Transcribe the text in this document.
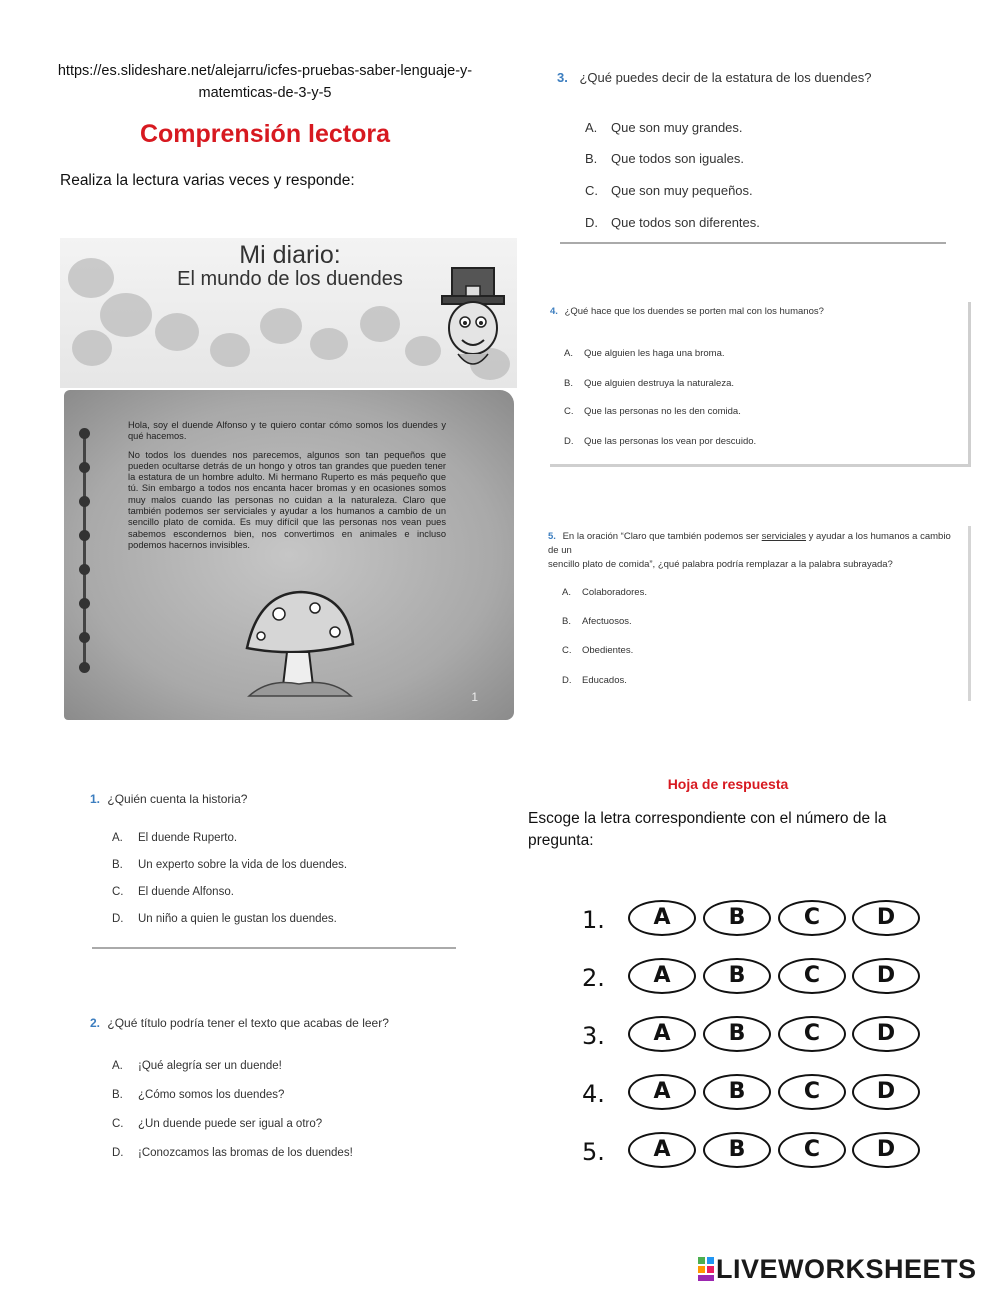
https://es.slideshare.net/alejarru/icfes-pruebas-saber-lenguaje-y-matemticas-de-3-y-5
Comprensión lectora
Realiza la lectura varias veces y responde:
Mi diario:
El mundo de los duendes

Hola, soy el duende Alfonso y te quiero contar cómo somos los duendes y qué hacemos.

No todos los duendes nos parecemos, algunos son tan pequeños que pueden ocultarse detrás de un hongo y otros tan grandes que pueden tener la estatura de un hombre adulto. Mi hermano Ruperto es más pequeño que tú. Sin embargo a todos nos encanta hacer bromas y en ocasiones somos muy malos cuando las personas no cuidan a la naturaleza. Claro que también podemos ser serviciales y ayudar a los humanos a cambio de un sencillo plato de comida. Es muy difícil que las personas nos vean pues sabemos escondernos bien, nos convertimos en animales e incluso podemos hacernos invisibles.

1
3. ¿Qué puedes decir de la estatura de los duendes?
A. Que son muy grandes.
B. Que todos son iguales.
C. Que son muy pequeños.
D. Que todos son diferentes.
4. ¿Qué hace que los duendes se porten mal con los humanos?
A. Que alguien les haga una broma.
B. Que alguien destruya la naturaleza.
C. Que las personas no les den comida.
D. Que las personas los vean por descuido.
5. En la oración “Claro que también podemos ser serviciales y ayudar a los humanos a cambio de un
sencillo plato de comida”, ¿qué palabra podría remplazar a la palabra subrayada?
A. Colaboradores.
B. Afectuosos.
C. Obedientes.
D. Educados.
1. ¿Quién cuenta la historia?
A. El duende Ruperto.
B. Un experto sobre la vida de los duendes.
C. El duende Alfonso.
D. Un niño a quien le gustan los duendes.
2. ¿Qué título podría tener el texto que acabas de leer?
A. ¡Qué alegría ser un duende!
B. ¿Cómo somos los duendes?
C. ¿Un duende puede ser igual a otro?
D. ¡Conozcamos las bromas de los duendes!
Hoja de respuesta
Escoge la letra correspondiente con el número de la pregunta:
1.	A	B	C	D
2.	A	B	C	D
3.	A	B	C	D
4.	A	B	C	D
5.	A	B	C	D
LIVEWORKSHEETS
